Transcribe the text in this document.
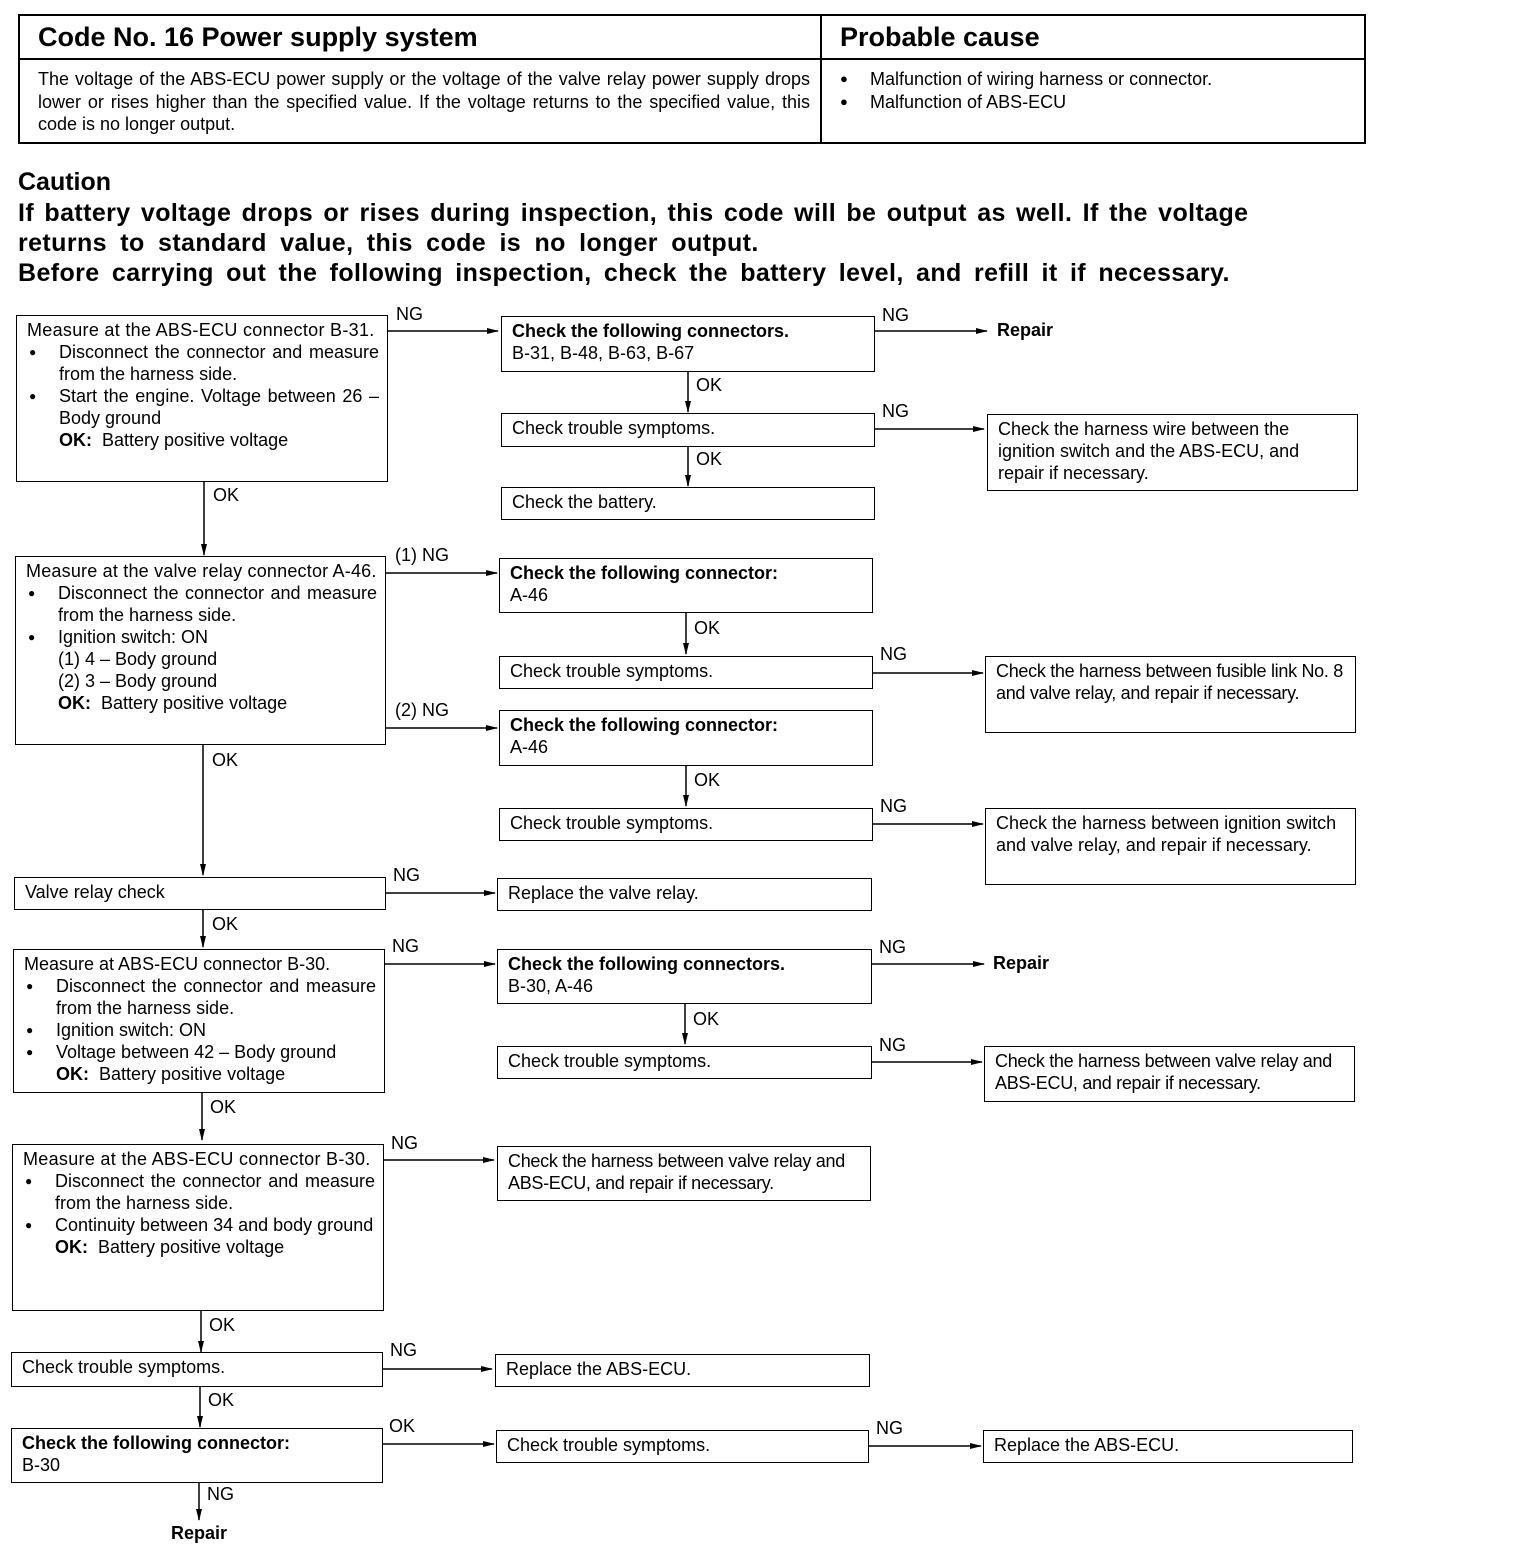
Code No. 16 Power supply system
The voltage of the ABS-ECU power supply or the voltage of the valve relay power supply drops lower or rises higher than the specified value. If the voltage returns to the specified value, this code is no longer output.
Probable cause
● Malfunction of wiring harness or connector.
● Malfunction of ABS-ECU
Caution
If battery voltage drops or rises during inspection, this code will be output as well. If the voltage
returns to standard value, this code is no longer output.
Before carrying out the following inspection, check the battery level, and refill it if necessary.
Measure at the ABS-ECU connector B-31.
● Disconnect the connector and measure from the harness side.
● Start the engine. Voltage between 26 – Body ground
OK: Battery positive voltage
NG
OK
Check the following connectors.
B-31, B-48, B-63, B-67
NG
Repair
OK
Check trouble symptoms.
NG
OK
Check the harness wire between the ignition switch and the ABS-ECU, and repair if necessary.
Check the battery.
Measure at the valve relay connector A-46.
● Disconnect the connector and measure from the harness side.
● Ignition switch: ON
(1) 4 – Body ground
(2) 3 – Body ground
OK: Battery positive voltage
(1) NG
(2) NG
OK
Check the following connector:
A-46
OK
Check trouble symptoms.
NG
Check the harness between fusible link No. 8 and valve relay, and repair if necessary.
Check the following connector:
A-46
OK
Check trouble symptoms.
NG
Check the harness between ignition switch and valve relay, and repair if necessary.
Valve relay check
NG
OK
Replace the valve relay.
Measure at ABS-ECU connector B-30.
● Disconnect the connector and measure from the harness side.
● Ignition switch: ON
● Voltage between 42 – Body ground
OK: Battery positive voltage
NG
OK
Check the following connectors.
B-30, A-46
NG
Repair
OK
Check trouble symptoms.
NG
Check the harness between valve relay and ABS-ECU, and repair if necessary.
Measure at the ABS-ECU connector B-30.
● Disconnect the connector and measure from the harness side.
● Continuity between 34 and body ground
OK: Battery positive voltage
NG
OK
Check the harness between valve relay and ABS-ECU, and repair if necessary.
Check trouble symptoms.
NG
OK
Replace the ABS-ECU.
Check the following connector:
B-30
OK
Check trouble symptoms.
NG
Replace the ABS-ECU.
NG
Repair
